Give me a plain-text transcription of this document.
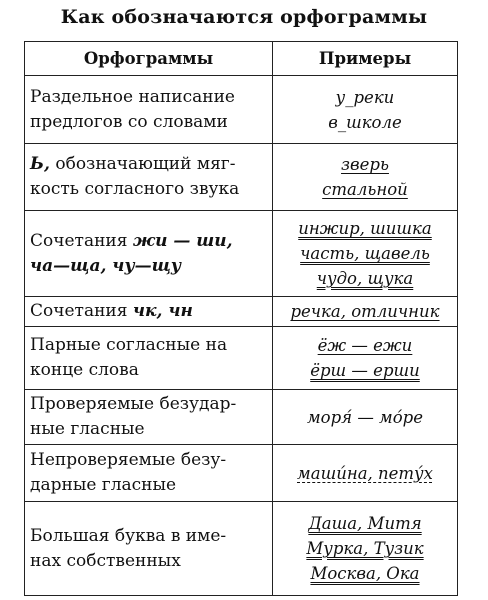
Как обозначаются орфограммы
Орфограммы	Примеры

Раздельное написание
предлогов со словами	у_реки
в_школе

Ь, обозначающий мяг-
кость согласного звука	зверь
стальной

Сочетания жи — ши,
ча—ща, чу—щу	инжир, шишка
часть, щавель
чудо, щука

Сочетания чк, чн	речка, отличник

Парные согласные на
конце слова	ёж — ежи
ёрш — ерши

Проверяемые безудар-
ные гласные	моря́ — мо́ре

Непроверяемые безу-
дарные гласные	маши́на, пету́х

Большая буква в име-
нах собственных	Даша, Митя
Мурка, Тузик
Москва, Ока
